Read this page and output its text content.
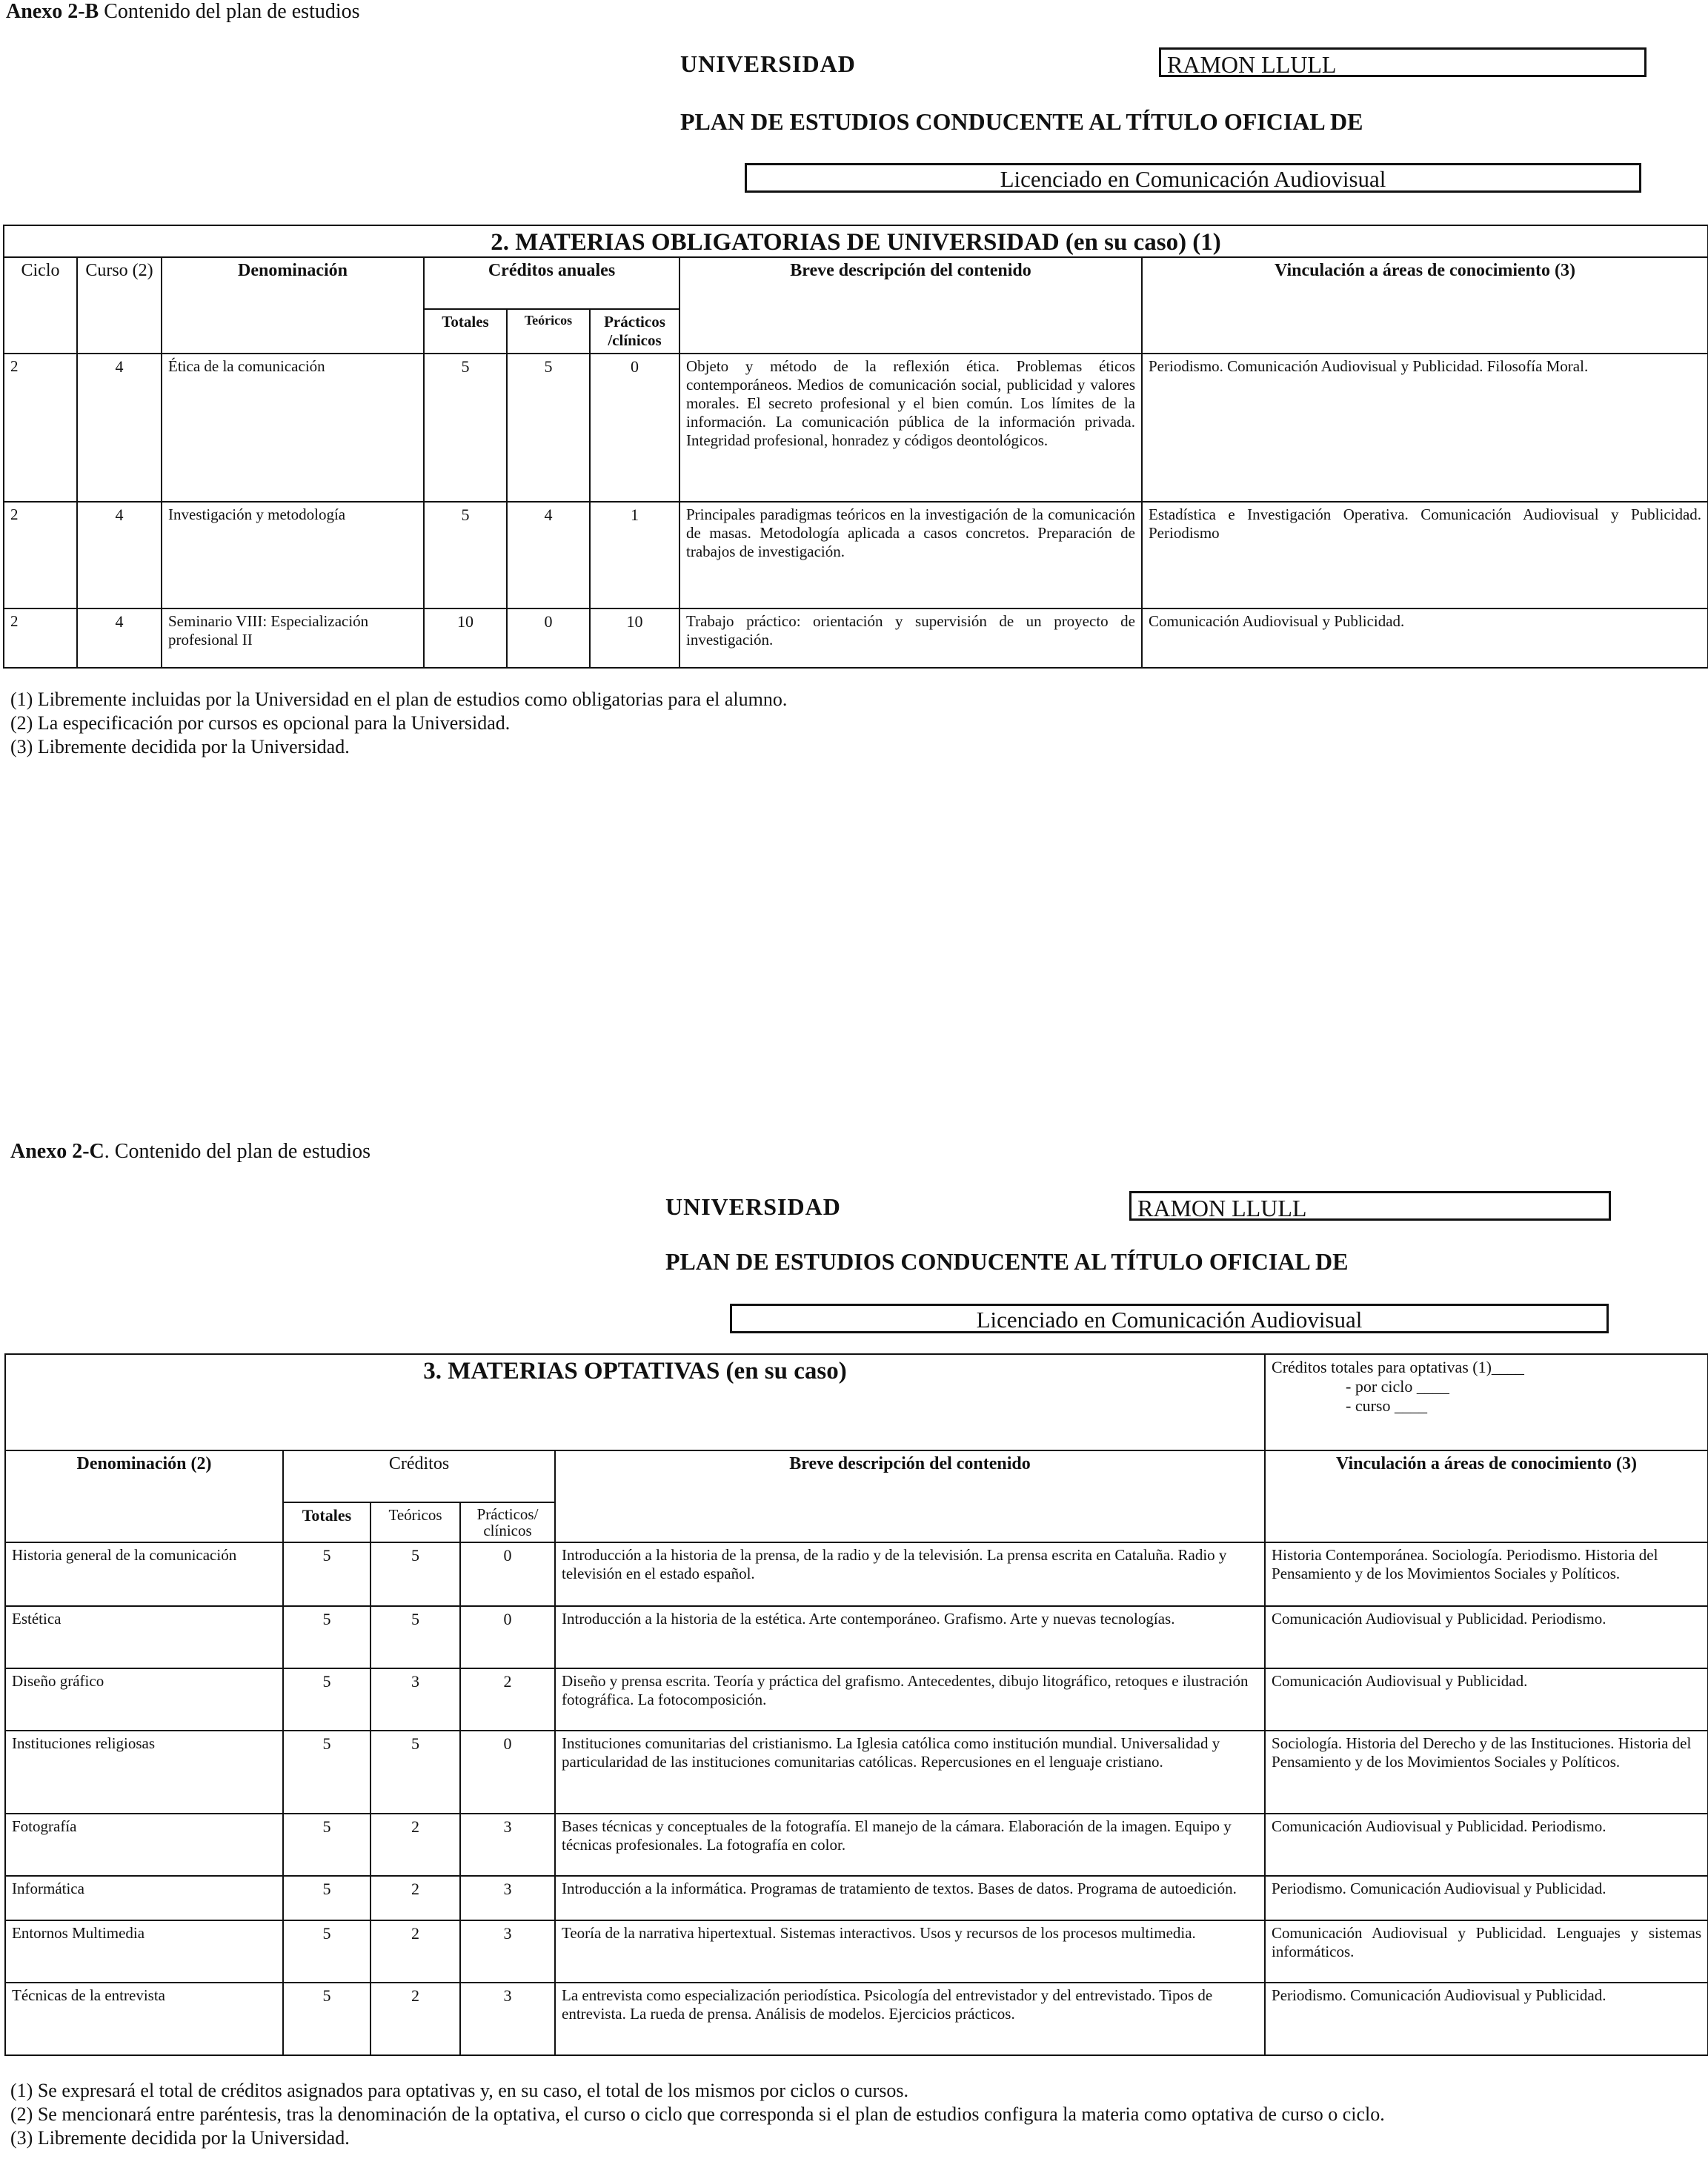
Anexo 2-B Contenido del plan de estudios
UNIVERSIDAD	RAMON LLULL
PLAN DE ESTUDIOS CONDUCENTE AL TÍTULO OFICIAL DE
Licenciado en Comunicación Audiovisual
2. MATERIAS OBLIGATORIAS DE UNIVERSIDAD (en su caso) (1)							
Ciclo	Curso (2)	Denominación	Créditos anuales			Breve descripción del contenido	Vinculación a áreas de conocimiento (3)
			Totales	Teóricos	Prácticos /clínicos		
2	4	Ética de la comunicación	5	5	0	Objeto y método de la reflexión ética. Problemas éticos contemporáneos. Medios de comunicación social, publicidad y valores morales. El secreto profesional y el bien común. Los límites de la información. La comunicación pública de la información privada. Integridad profesional, honradez y códigos deontológicos.	Periodismo. Comunicación Audiovisual y Publicidad. Filosofía Moral.
2	4	Investigación y metodología	5	4	1	Principales paradigmas teóricos en la investigación de la comunicación de masas. Metodología aplicada a casos concretos. Preparación de trabajos de investigación.	Estadística e Investigación Operativa. Comunicación Audiovisual y Publicidad. Periodismo
2	4	Seminario VIII: Especialización profesional II	10	0	10	Trabajo práctico: orientación y supervisión de un proyecto de investigación.	Comunicación Audiovisual y Publicidad.
(1) Libremente incluidas por la Universidad en el plan de estudios como obligatorias para el alumno.
(2) La especificación por cursos es opcional para la Universidad.
(3) Libremente decidida por la Universidad.
Anexo 2-C. Contenido del plan de estudios
UNIVERSIDAD	RAMON LLULL
PLAN DE ESTUDIOS CONDUCENTE AL TÍTULO OFICIAL DE
Licenciado en Comunicación Audiovisual
3. MATERIAS OPTATIVAS (en su caso)					Créditos totales para optativas (1)____
- por ciclo ____
- curso ____

Denominación (2)	Créditos			Breve descripción del contenido	Vinculación a áreas de conocimiento (3)
	Totales	Teóricos	Prácticos/ clínicos		
Historia general de la comunicación	5	5	0	Introducción a la historia de la prensa, de la radio y de la televisión. La prensa escrita en Cataluña. Radio y televisión en el estado español.	Historia Contemporánea. Sociología. Periodismo. Historia del Pensamiento y de los Movimientos Sociales y Políticos.
Estética	5	5	0	Introducción a la historia de la estética. Arte contemporáneo. Grafismo. Arte y nuevas tecnologías.	Comunicación Audiovisual y Publicidad. Periodismo.
Diseño gráfico	5	3	2	Diseño y prensa escrita. Teoría y práctica del grafismo. Antecedentes, dibujo litográfico, retoques e ilustración fotográfica. La fotocomposición.	Comunicación Audiovisual y Publicidad.
Instituciones religiosas	5	5	0	Instituciones comunitarias del cristianismo. La Iglesia católica como institución mundial. Universalidad y particularidad de las instituciones comunitarias católicas. Repercusiones en el lenguaje cristiano.	Sociología. Historia del Derecho y de las Instituciones. Historia del Pensamiento y de los Movimientos Sociales y Políticos.
Fotografía	5	2	3	Bases técnicas y conceptuales de la fotografía. El manejo de la cámara. Elaboración de la imagen. Equipo y técnicas profesionales. La fotografía en color.	Comunicación Audiovisual y Publicidad. Periodismo.
Informática	5	2	3	Introducción a la informática. Programas de tratamiento de textos. Bases de datos. Programa de autoedición.	Periodismo. Comunicación Audiovisual y Publicidad.
Entornos Multimedia	5	2	3	Teoría de la narrativa hipertextual. Sistemas interactivos. Usos y recursos de los procesos multimedia.	Comunicación Audiovisual y Publicidad. Lenguajes y sistemas informáticos.
Técnicas de la entrevista	5	2	3	La entrevista como especialización periodística. Psicología del entrevistador y del entrevistado. Tipos de entrevista. La rueda de prensa. Análisis de modelos. Ejercicios prácticos.	Periodismo. Comunicación Audiovisual y Publicidad.
(1) Se expresará el total de créditos asignados para optativas y, en su caso, el total de los mismos por ciclos o cursos.
(2) Se mencionará entre paréntesis, tras la denominación de la optativa, el curso o ciclo que corresponda si el plan de estudios configura la materia como optativa de curso o ciclo.
(3) Libremente decidida por la Universidad.
